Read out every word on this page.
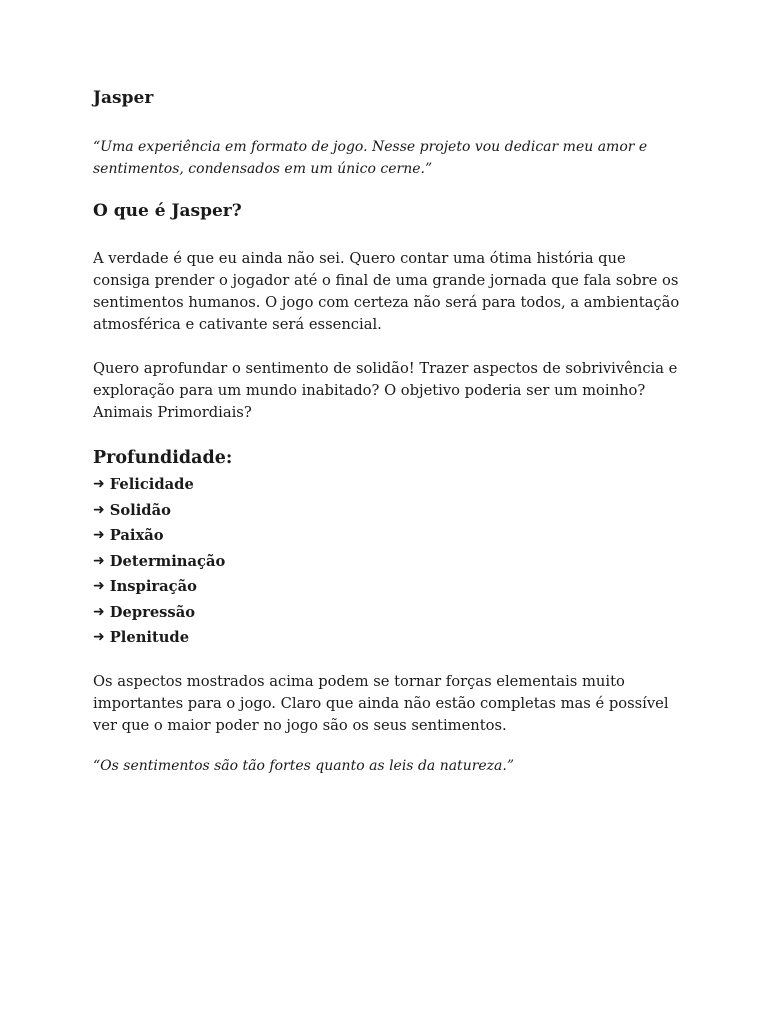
Jasper

“Uma experiência em formato de jogo. Nesse projeto vou dedicar meu amor e sentimentos, condensados em um único cerne.”

O que é Jasper?

A verdade é que eu ainda não sei. Quero contar uma ótima história que consiga prender o jogador até o final de uma grande jornada que fala sobre os sentimentos humanos. O jogo com certeza não será para todos, a ambientação atmosférica e cativante será essencial.

Quero aprofundar o sentimento de solidão! Trazer aspectos de sobrivivência e exploração para um mundo inabitado? O objetivo poderia ser um moinho? Animais Primordiais?

Profundidade:
➜ Felicidade
➜ Solidão
➜ Paixão
➜ Determinação
➜ Inspiração
➜ Depressão
➜ Plenitude

Os aspectos mostrados acima podem se tornar forças elementais muito importantes para o jogo. Claro que ainda não estão completas mas é possível ver que o maior poder no jogo são os seus sentimentos.

“Os sentimentos são tão fortes quanto as leis da natureza.”
